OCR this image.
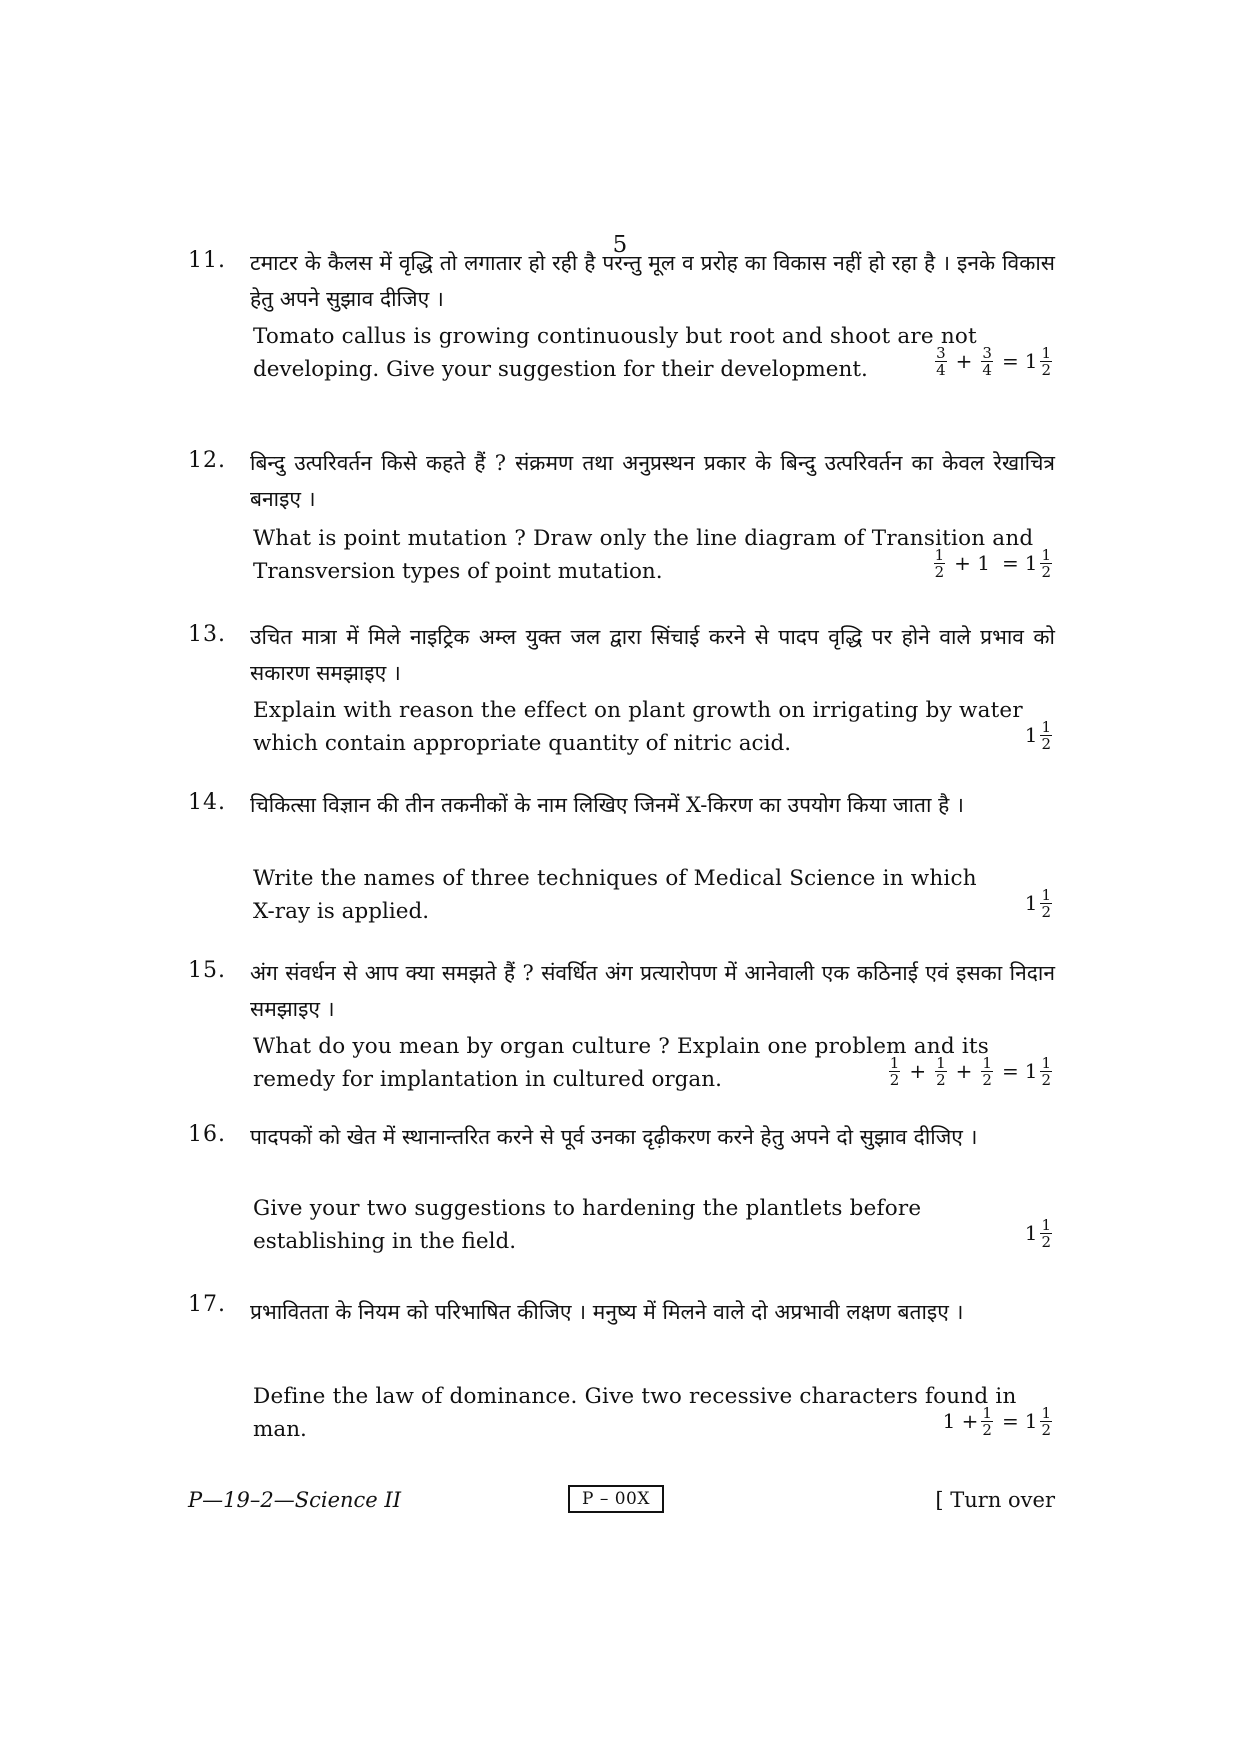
5
11. टमाटर के कैलस में वृद्धि तो लगातार हो रही है परन्तु मूल व प्ररोह का विकास नहीं हो रहा है । इनके विकास हेतु अपने सुझाव दीजिए ।
Tomato callus is growing continuously but root and shoot are not
developing. Give your suggestion for their development.	$\frac{3}{4} + \frac{3}{4} = 1 \frac{1}{2}$
12. बिन्दु उत्परिवर्तन किसे कहते हैं ? संक्रमण तथा अनुप्रस्थन प्रकार के बिन्दु उत्परिवर्तन का केवल रेखाचित्र बनाइए ।
What is point mutation ? Draw only the line diagram of Transition and
Transversion types of point mutation.	$\frac{1}{2} + 1 = 1 \frac{1}{2}$
13. उचित मात्रा में मिले नाइट्रिक अम्ल युक्त जल द्वारा सिंचाई करने से पादप वृद्धि पर होने वाले प्रभाव को सकारण समझाइए ।
Explain with reason the effect on plant growth on irrigating by water
which contain appropriate quantity of nitric acid.	$1 \frac{1}{2}$
14. चिकित्सा विज्ञान की तीन तकनीकों के नाम लिखिए जिनमें X-किरण का उपयोग किया जाता है ।
Write the names of three techniques of Medical Science in which
X-ray is applied.	$1 \frac{1}{2}$
15. अंग संवर्धन से आप क्या समझते हैं ? संवर्धित अंग प्रत्यारोपण में आनेवाली एक कठिनाई एवं इसका निदान समझाइए ।
What do you mean by organ culture ? Explain one problem and its
remedy for implantation in cultured organ.	$\frac{1}{2} + \frac{1}{2} + \frac{1}{2} = 1 \frac{1}{2}$
16. पादपकों को खेत में स्थानान्तरित करने से पूर्व उनका दृढ़ीकरण करने हेतु अपने दो सुझाव दीजिए ।
Give your two suggestions to hardening the plantlets before
establishing in the field.	$1 \frac{1}{2}$
17. प्रभावितता के नियम को परिभाषित कीजिए । मनुष्य में मिलने वाले दो अप्रभावी लक्षण बताइए ।
Define the law of dominance. Give two recessive characters found in
man.	$1 + \frac{1}{2} = 1 \frac{1}{2}$
P—19–2—Science II	P – 00X	[ Turn over
